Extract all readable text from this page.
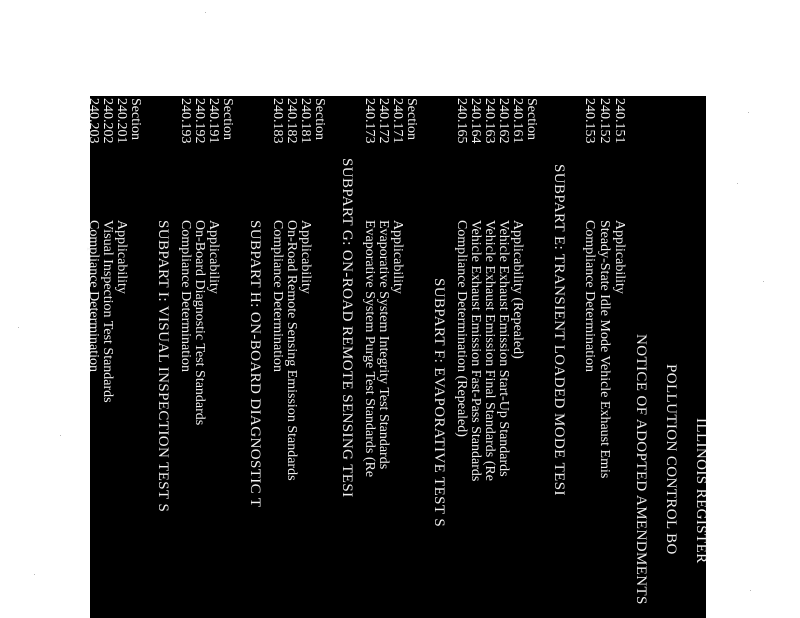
ILLINOIS REGISTER
POLLUTION CONTROL BO
NOTICE OF ADOPTED AMENDMENTS
240.151
Applicability
240.152
Steady-State Idle Mode Vehicle Exhaust Emis
240.153
Compliance Determination
SUBPART E: TRANSIENT LOADED MODE TESI
Section
240.161
Applicability (Repealed)
240.162
Vehicle Exhaust Emission Start-Up Standards
240.163
Vehicle Exhaust Emission Final Standards (Re
240.164
Vehicle Exhaust Emission Fast-Pass Standards
240.165
Compliance Determination (Repealed)
SUBPART F: EVAPORATIVE TEST S
Section
240.171
Applicability
240.172
Evaporative System Integrity Test Standards
240.173
Evaporative System Purge Test Standards (Re
SUBPART G: ON-ROAD REMOTE SENSING TESI
Section
240.181
Applicability
240.182
On-Road Remote Sensing Emission Standards
240.183
Compliance Determination
SUBPART H: ON-BOARD DIAGNOSTIC T
Section
240.191
Applicability
240.192
On-Board Diagnostic Test Standards
240.193
Compliance Determination
SUBPART I: VISUAL INSPECTION TEST S
Section
240.201
Applicability
240.202
Visual Inspection Test Standards
240.203
Compliance Determination
